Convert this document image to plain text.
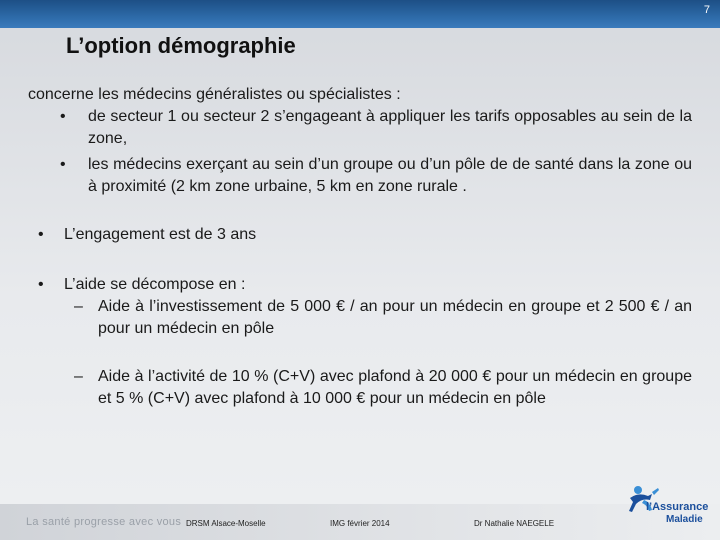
7
L’option démographie

concerne les médecins généralistes ou spécialistes :

• de secteur 1 ou secteur 2 s’engageant à appliquer les tarifs opposables au sein de la zone,
• les médecins exerçant au sein d’un groupe ou d’un pôle de de santé dans la zone ou à proximité (2 km zone urbaine, 5 km en zone rurale .
• L’engagement est de 3 ans
• L’aide se décompose en :
– Aide à l’investissement de 5 000 € / an pour un médecin en groupe et 2 500 € / an pour un médecin en pôle
– Aide à l’activité de 10 % (C+V) avec plafond à 20 000 € pour un médecin en groupe et 5 % (C+V) avec plafond à 10 000 € pour un médecin en pôle
La santé progresse avec vous DRSM Alsace-Moselle	IMG février 2014	Dr Nathalie NAEGELE
l’Assurance
Maladie
